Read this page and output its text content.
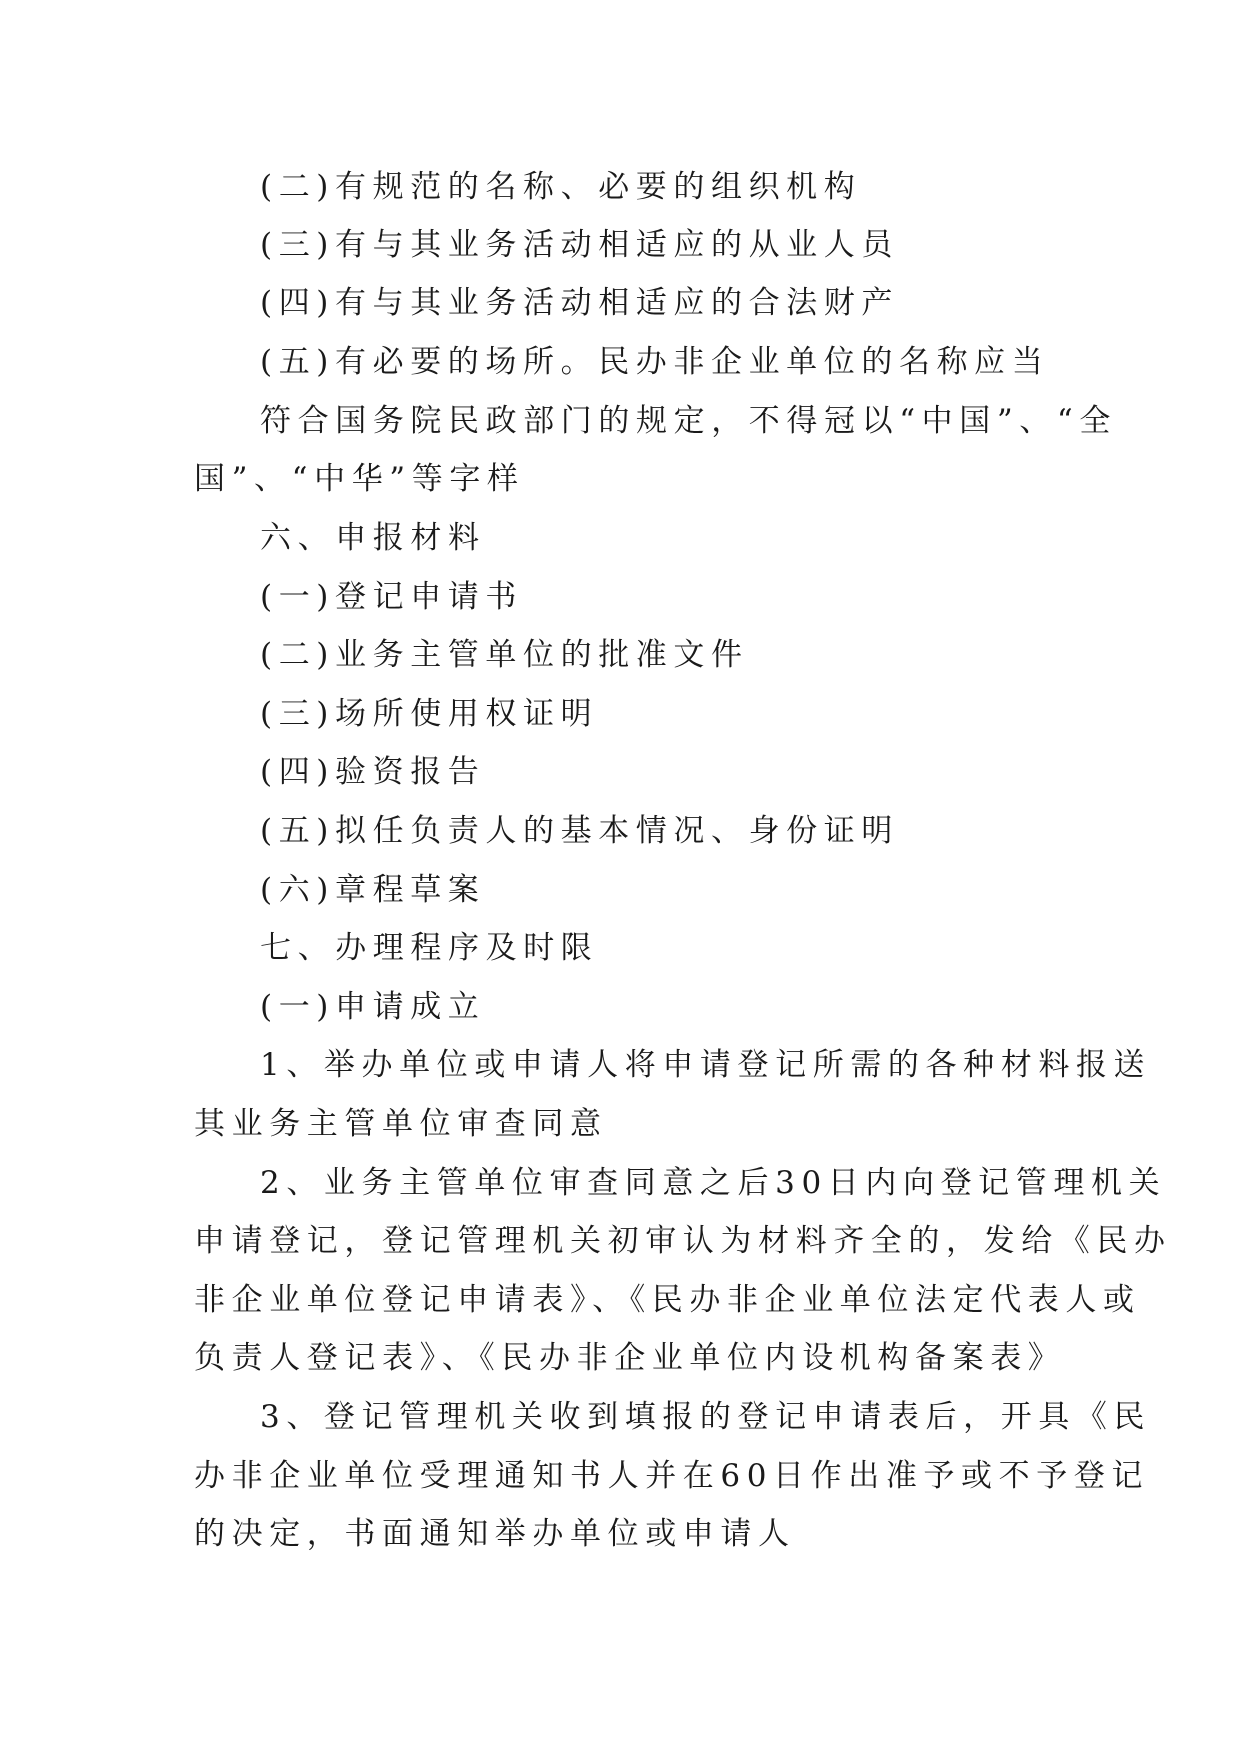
(二)有规范的名称、必要的组织机构
(三)有与其业务活动相适应的从业人员
(四)有与其业务活动相适应的合法财产
(五)有必要的场所。民办非企业单位的名称应当
符合国务院民政部门的规定，不得冠以“中国”、“全
国”、“中华”等字样
六、申报材料
(一)登记申请书
(二)业务主管单位的批准文件
(三)场所使用权证明
(四)验资报告
(五)拟任负责人的基本情况、身份证明
(六)章程草案
七、办理程序及时限
(一)申请成立
1、举办单位或申请人将申请登记所需的各种材料报送
其业务主管单位审查同意
2、业务主管单位审查同意之后30日内向登记管理机关
申请登记，登记管理机关初审认为材料齐全的，发给《民办
非企业单位登记申请表》、《民办非企业单位法定代表人或
负责人登记表》、《民办非企业单位内设机构备案表》
3、登记管理机关收到填报的登记申请表后，开具《民
办非企业单位受理通知书人并在60日作出准予或不予登记
的决定，书面通知举办单位或申请人
